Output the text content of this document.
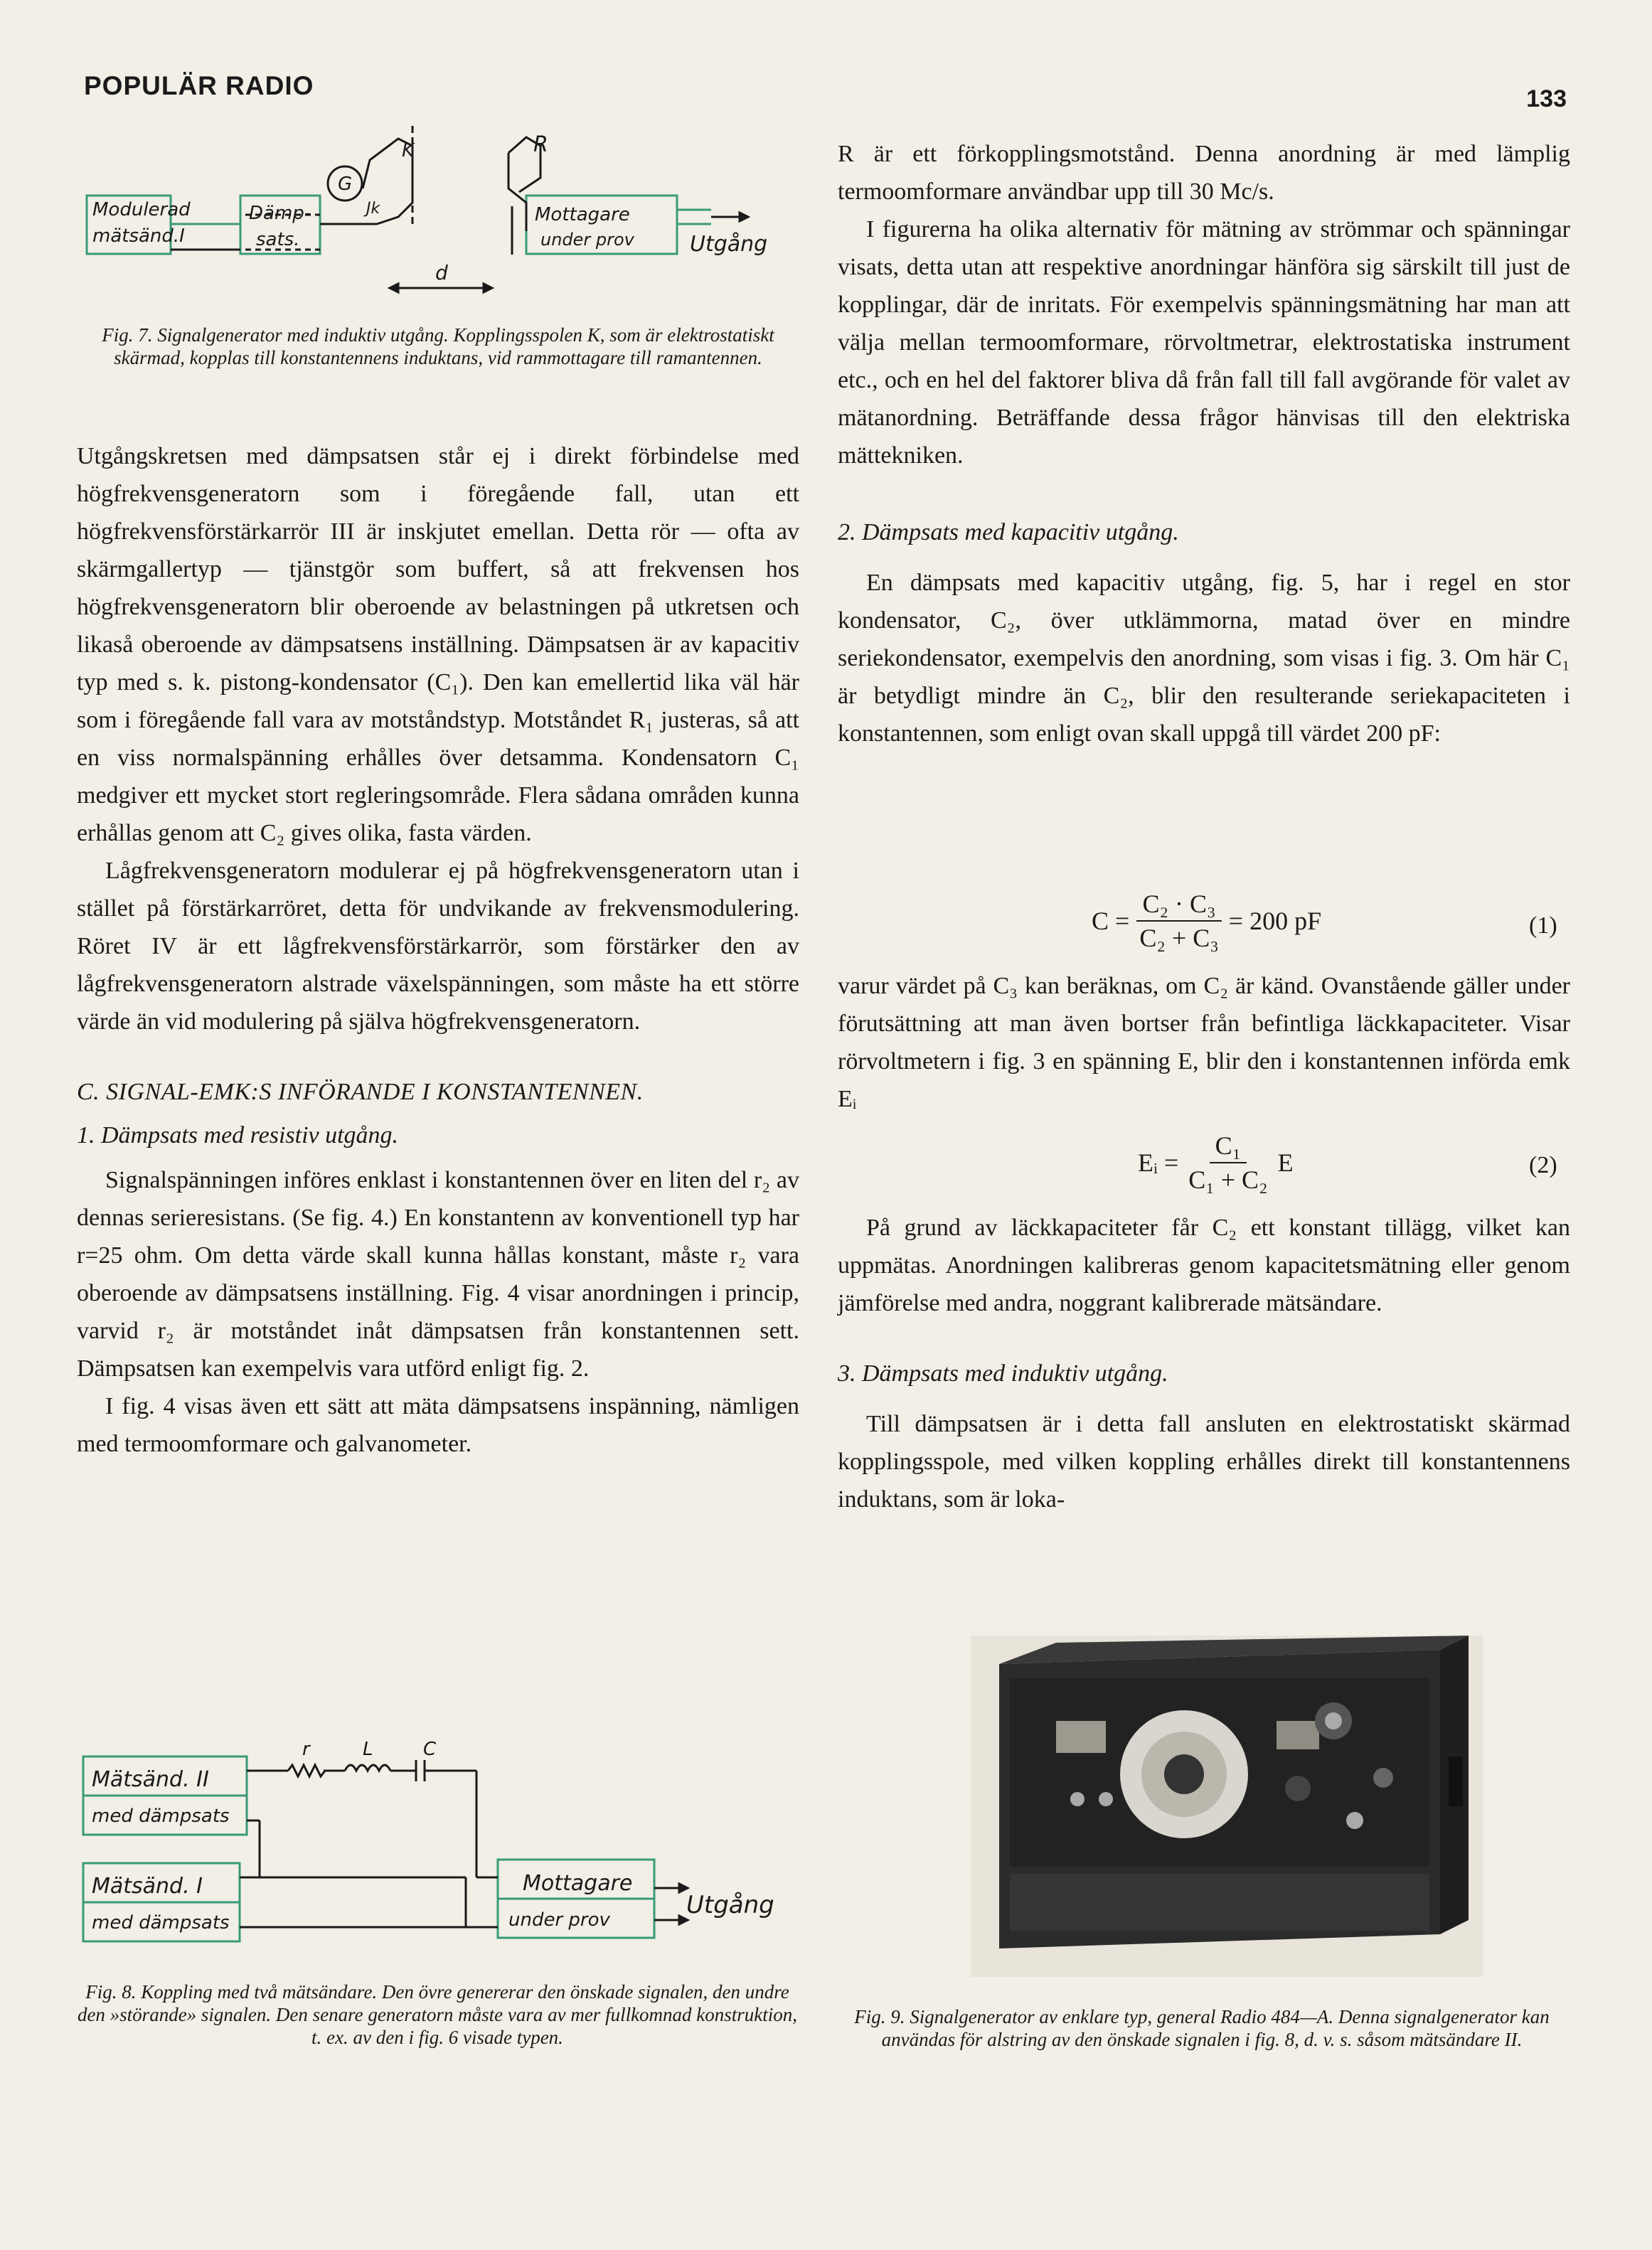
POPULÄR RADIO	133
Modulerad
mätsänd.I
Dämp-
sats.
G
K
Jk
R
Mottagare
under prov	Utgång
d

Fig. 7. Signalgenerator med induktiv utgång. Kopplingsspolen K, som är elektrostatiskt skärmad, kopplas till konstantennens induktans, vid rammottagare till ramantennen.

Utgångskretsen med dämpsatsen står ej i direkt förbindelse med högfrekvensgeneratorn som i föregående fall, utan ett högfrekvensförstärkarrör III är inskjutet emellan. Detta rör — ofta av skärmgallertyp — tjänstgör som buffert, så att frekvensen hos högfrekvensgeneratorn blir oberoende av belastningen på utkretsen och likaså oberoende av dämpsatsens inställning. Dämpsatsen är av kapacitiv typ med s. k. pistong-kondensator (C₁). Den kan emellertid lika väl här som i föregående fall vara av motståndstyp. Motståndet R₁ justeras, så att en viss normalspänning erhålles över detsamma. Kondensatorn C₁ medgiver ett mycket stort regleringsområde. Flera sådana områden kunna erhållas genom att C₂ gives olika, fasta värden.

Lågfrekvensgeneratorn modulerar ej på högfrekvensgeneratorn utan i stället på förstärkarröret, detta för undvikande av frekvensmodulering. Röret IV är ett lågfrekvensförstärkarrör, som förstärker den av lågfrekvensgeneratorn alstrade växelspänningen, som måste ha ett större värde än vid modulering på själva högfrekvensgeneratorn.

C. SIGNAL-EMK:S INFÖRANDE I KONSTANTENNEN.
1. Dämpsats med resistiv utgång.

Signalspänningen införes enklast i konstantennen över en liten del r₂ av dennas serieresistans. (Se fig. 4.) En konstantenn av konventionell typ har r=25 ohm. Om detta värde skall kunna hållas konstant, måste r₂ vara oberoende av dämpsatsens inställning. Fig. 4 visar anordningen i princip, varvid r₂ är motståndet inåt dämpsatsen från konstantennen sett. Dämpsatsen kan exempelvis vara utförd enligt fig. 2.

I fig. 4 visas även ett sätt att mäta dämpsatsens inspänning, nämligen med termoomformare och galvanometer.

Mätsänd. II
med dämpsats
Mätsänd. I
med dämpsats
r	L	C
Mottagare
under prov
Utgång

Fig. 8. Koppling med två mätsändare. Den övre genererar den önskade signalen, den undre den »störande» signalen. Den senare generatorn måste vara av mer fullkomnad konstruktion, t. ex. av den i fig. 6 visade typen.

R är ett förkopplingsmotstånd. Denna anordning är med lämplig termoomformare användbar upp till 30 Mc/s.

I figurerna ha olika alternativ för mätning av strömmar och spänningar visats, detta utan att respektive anordningar hänföra sig särskilt till just de kopplingar, där de inritats. För exempelvis spänningsmätning har man att välja mellan termoomformare, rörvoltmetrar, elektrostatiska instrument etc., och en hel del faktorer bliva då från fall till fall avgörande för valet av mätanordning. Beträffande dessa frågor hänvisas till den elektriska mättekniken.

2. Dämpsats med kapacitiv utgång.

En dämpsats med kapacitiv utgång, fig. 5, har i regel en stor kondensator, C₂, över utklämmorna, matad över en mindre seriekondensator, exempelvis den anordning, som visas i fig. 3. Om här C₁ är betydligt mindre än C₂, blir den resulterande seriekapaciteten i konstantennen, som enligt ovan skall uppgå till värdet 200 pF:

$C = \frac{\text{C₂ · C₃}}{\text{C₂ + C₃}} = 200$ pF	(1)

varur värdet på C₃ kan beräknas, om C₂ är känd. Ovanstående gäller under förutsättning att man även bortser från befintliga läckkapaciteter. Visar rörvoltmetern i fig. 3 en spänning E, blir den i konstantennen införda emk Eᵢ

Eᵢ = $\frac{\text{C₁}}{\text{C₁ + C₂}}$ E	(2)

På grund av läckkapaciteter får C₂ ett konstant tillägg, vilket kan uppmätas. Anordningen kalibreras genom kapacitetsmätning eller genom jämförelse med andra, noggrant kalibrerade mätsändare.

3. Dämpsats med induktiv utgång.

Till dämpsatsen är i detta fall ansluten en elektrostatiskt skärmad kopplingsspole, med vilken koppling erhålles direkt till konstantennens induktans, som är loka-

Fig. 9. Signalgenerator av enklare typ, general Radio 484—A. Denna signalgenerator kan användas för alstring av den önskade signalen i fig. 8, d. v. s. såsom mätsändare II.
